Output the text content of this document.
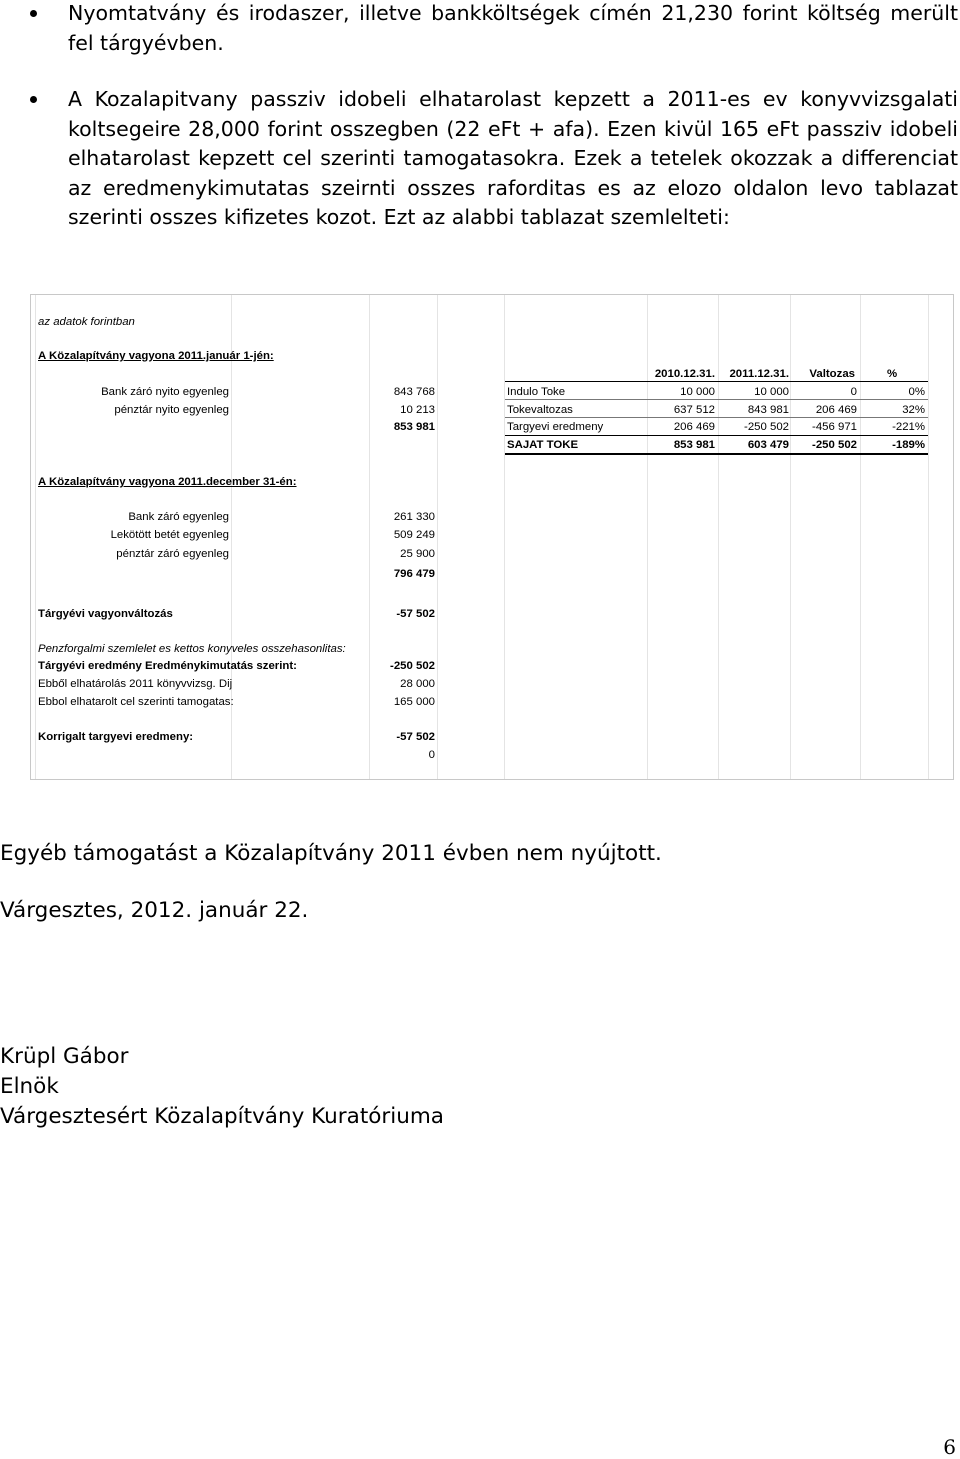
Nyomtatvány és irodaszer, illetve bankköltségek címén 21,230 forint költség merült fel tárgyévben.
A Kozalapitvany passziv idobeli elhatarolast kepzett a 2011-es ev konyvvizsgalati koltsegeire 28,000 forint osszegben (22 eFt + afa). Ezen kivül 165 eFt passziv idobeli elhatarolast kepzett cel szerinti tamogatasokra. Ezek a tetelek okozzak a differenciat az eredmenykimutatas szeirnti osszes raforditas es az elozo oldalon levo tablazat szerinti osszes kifizetes kozot. Ezt az alabbi tablazat szemlelteti:
az adatok forintban
A Közalapítvány vagyona 2011.január 1-jén:
Bank záró nyito egyenleg	843 768
pénztár nyito egyenleg	10 213
853 981
2010.12.31.	2011.12.31.	Valtozas	%
Indulo Toke	10 000	10 000	0	0%
Tokevaltozas	637 512	843 981	206 469	32%
Targyevi eredmeny	206 469	-250 502	-456 971	-221%
SAJAT TOKE	853 981	603 479	-250 502	-189%
A Közalapítvány vagyona 2011.december 31-én:
Bank záró egyenleg	261 330
Lekötött betét egyenleg	509 249
pénztár záró egyenleg	25 900
796 479
Tárgyévi vagyonváltozás	-57 502
Penzforgalmi szemlelet es kettos konyveles osszehasonlitas:
Tárgyévi eredmény Eredménykimutatás szerint:	-250 502
Ebből elhatárolás 2011 könyvvizsg. Dij	28 000
Ebbol elhatarolt cel szerinti tamogatas:	165 000
Korrigalt targyevi eredmeny:	-57 502
0
Egyéb támogatást a Közalapítvány 2011 évben nem nyújtott.
Várgesztes, 2012. január 22.
Krüpl Gábor
Elnök
Várgesztesért Közalapítvány Kuratóriuma
6
